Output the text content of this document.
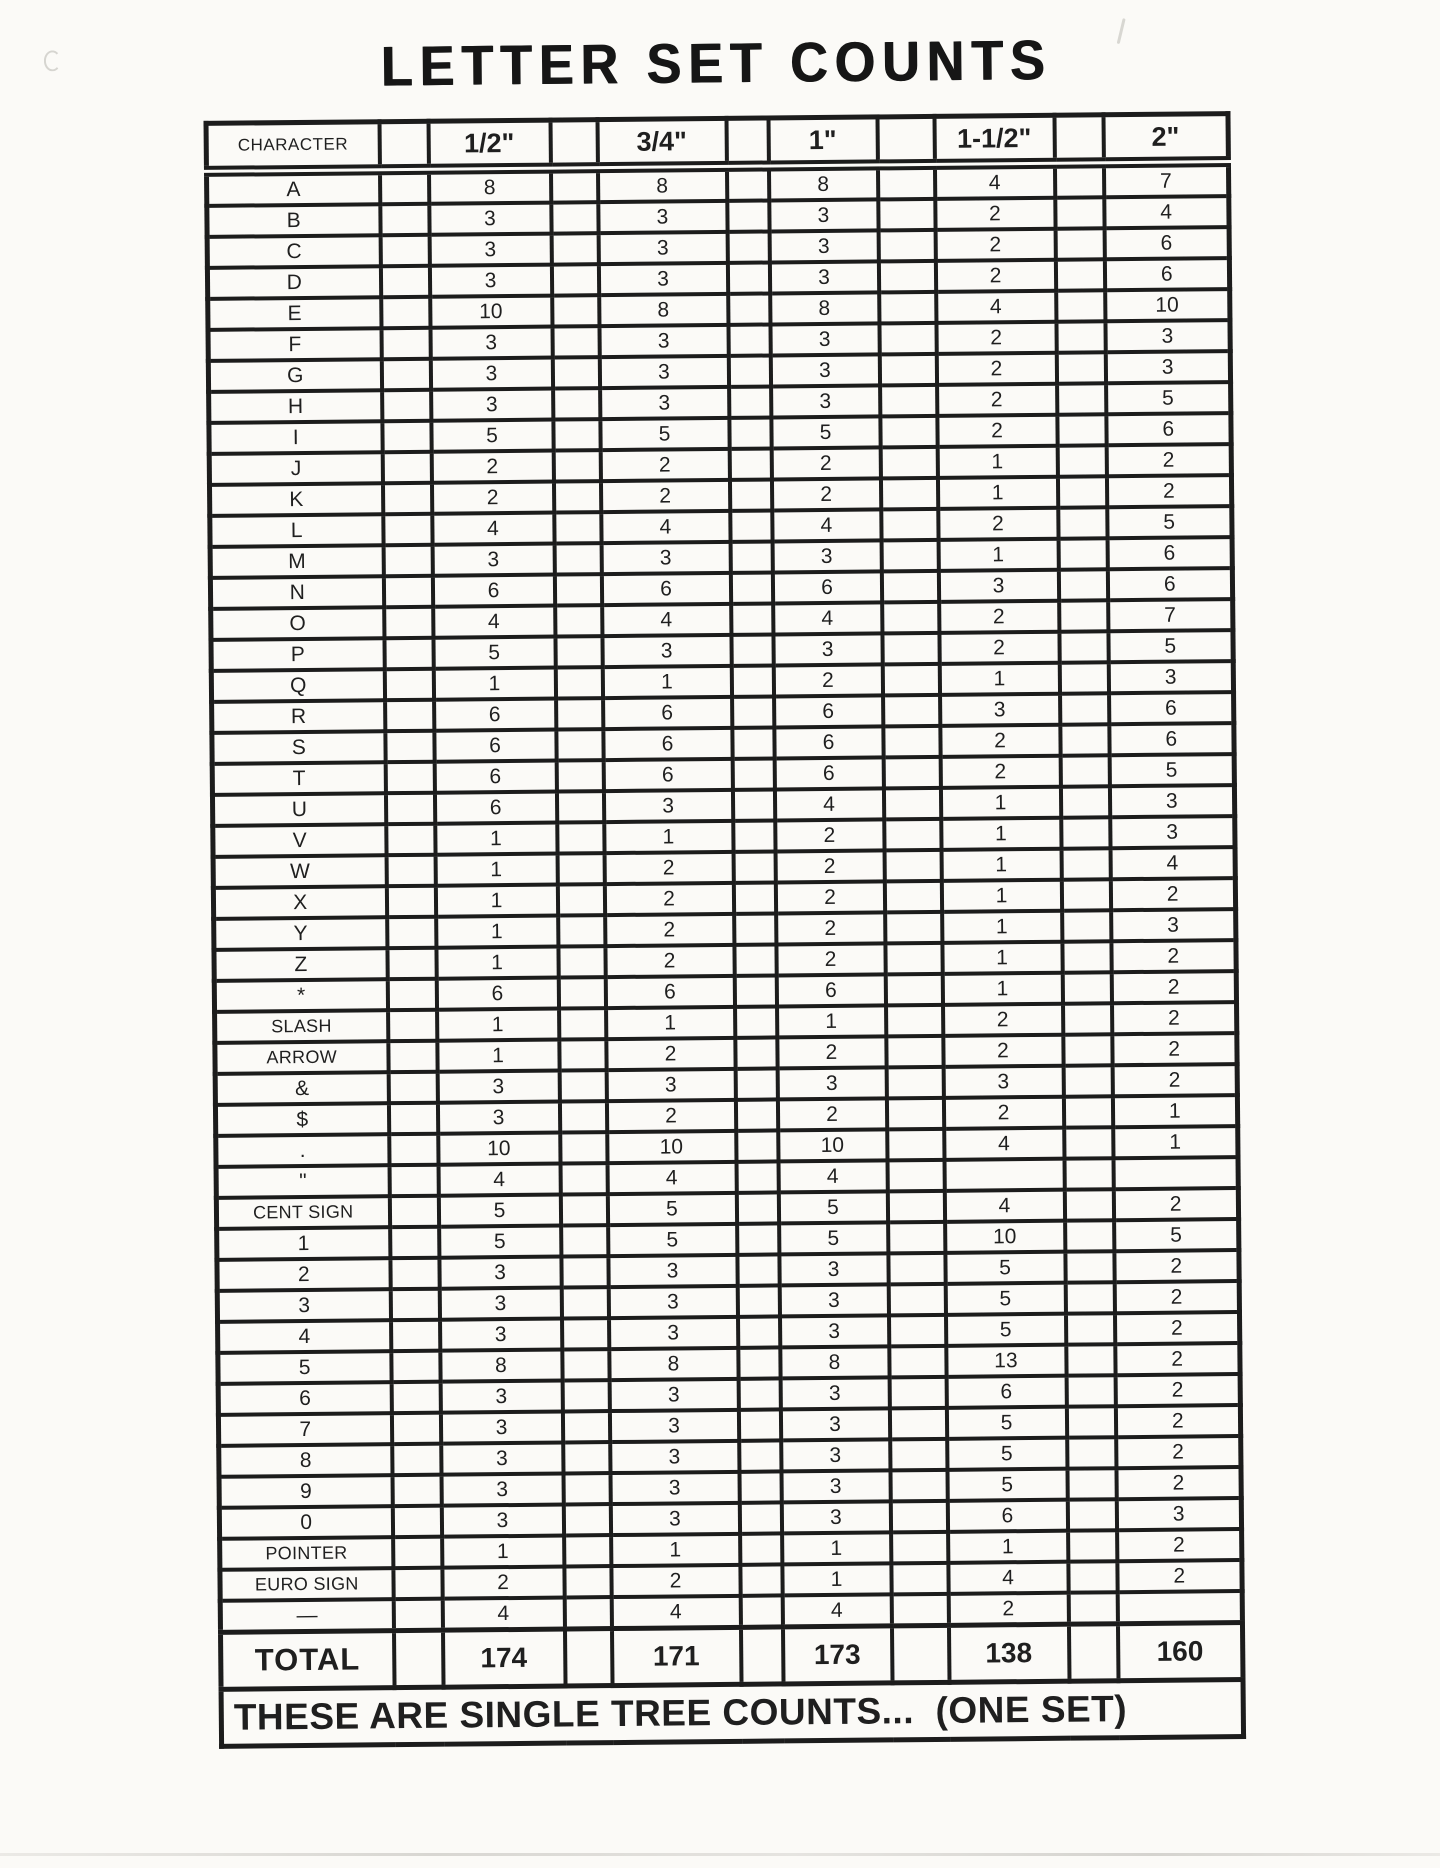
LETTER SET COUNTS
CHARACTER		1/2"		3/4"		1"		1-1/2"		2"
A		8		8		8		4		7
B		3		3		3		2		4
C		3		3		3		2		6
D		3		3		3		2		6
E		10		8		8		4		10
F		3		3		3		2		3
G		3		3		3		2		3
H		3		3		3		2		5
I		5		5		5		2		6
J		2		2		2		1		2
K		2		2		2		1		2
L		4		4		4		2		5
M		3		3		3		1		6
N		6		6		6		3		6
O		4		4		4		2		7
P		5		3		3		2		5
Q		1		1		2		1		3
R		6		6		6		3		6
S		6		6		6		2		6
T		6		6		6		2		5
U		6		3		4		1		3
V		1		1		2		1		3
W		1		2		2		1		4
X		1		2		2		1		2
Y		1		2		2		1		3
Z		1		2		2		1		2
*		6		6		6		1		2
SLASH		1		1		1		2		2
ARROW		1		2		2		2		2
&		3		3		3		3		2
$		3		2		2		2		1
.		10		10		10		4		1
"		4		4		4				
CENT SIGN		5		5		5		4		2
1		5		5		5		10		5
2		3		3		3		5		2
3		3		3		3		5		2
4		3		3		3		5		2
5		8		8		8		13		2
6		3		3		3		6		2
7		3		3		3		5		2
8		3		3		3		5		2
9		3		3		3		5		2
0		3		3		3		6		3
POINTER		1		1		1		1		2
EURO SIGN		2		2		1		4		2
—		4		4		4		2		
TOTAL		174		171		173		138		160
THESE ARE SINGLE TREE COUNTS...  (ONE SET)										
